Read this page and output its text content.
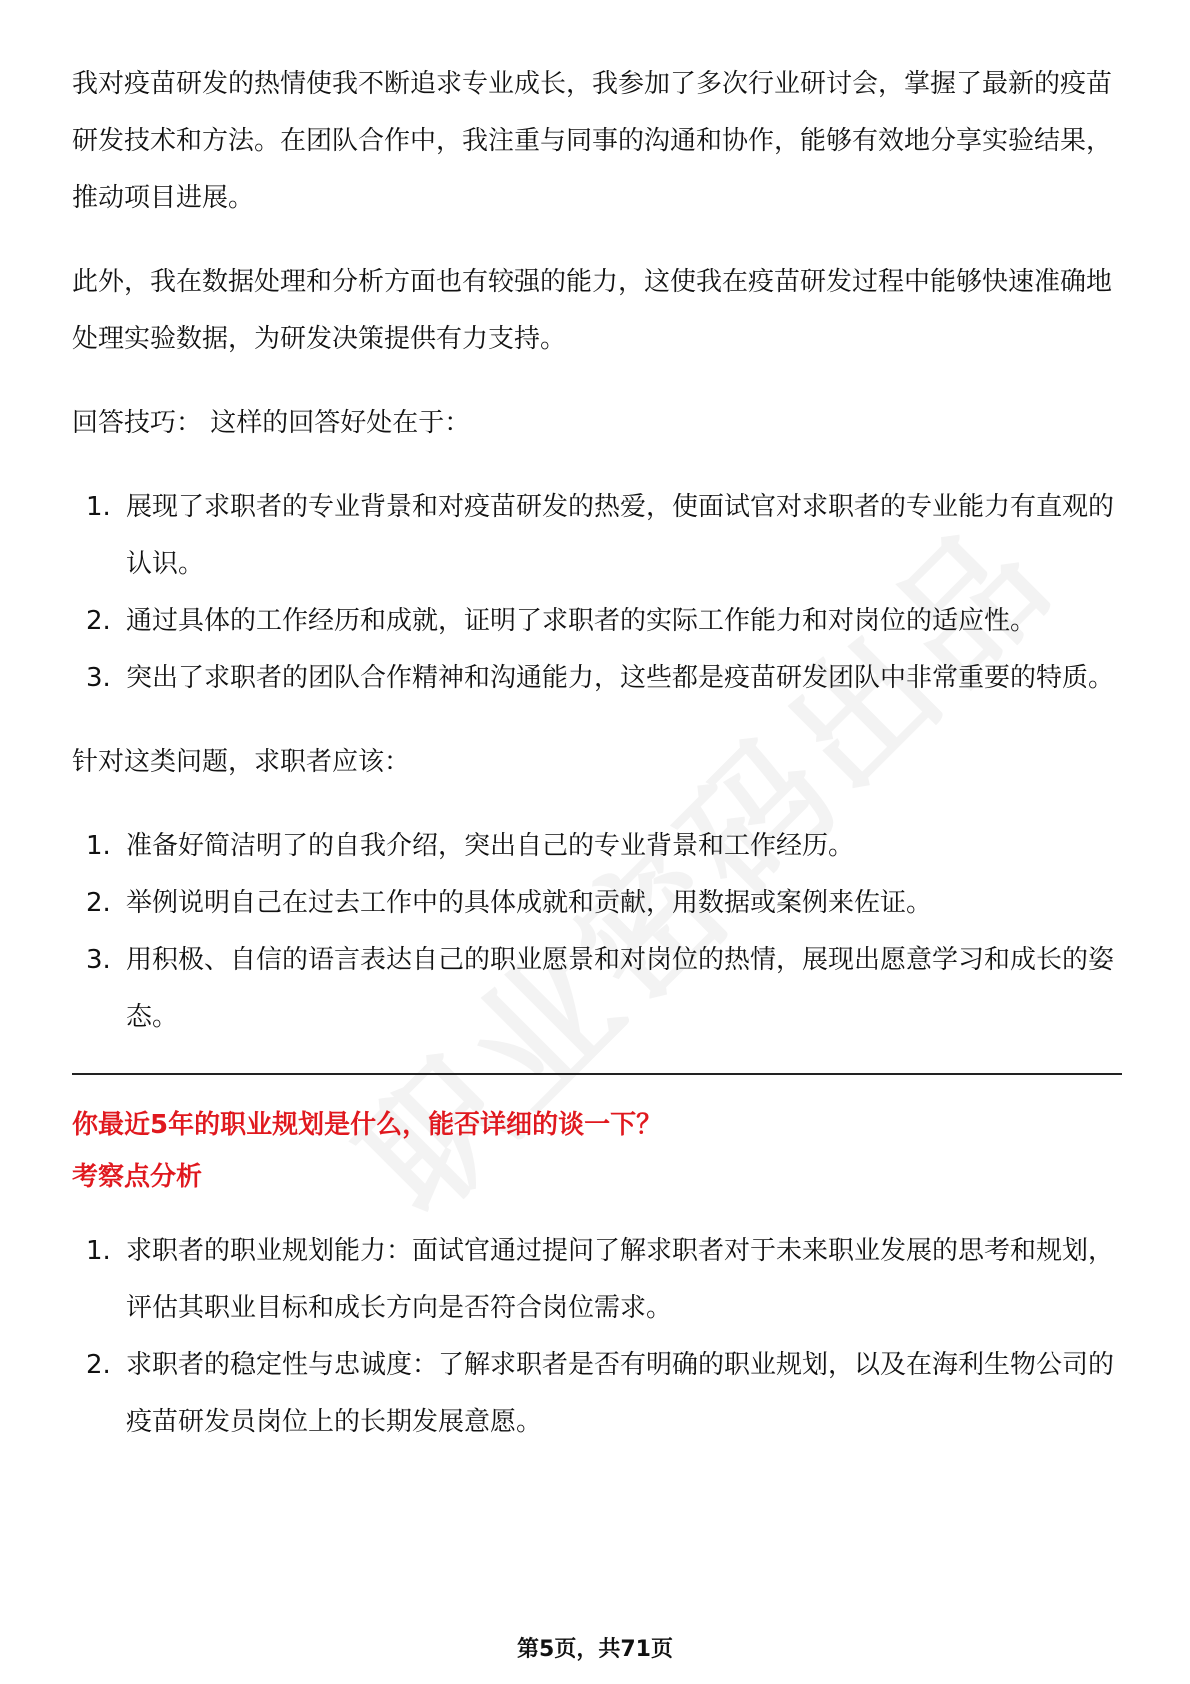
我对疫苗研发的热情使我不断追求专业成长，我参加了多次行业研讨会，掌握了最新的疫苗研发技术和方法。在团队合作中，我注重与同事的沟通和协作，能够有效地分享实验结果，推动项目进展。

此外，我在数据处理和分析方面也有较强的能力，这使我在疫苗研发过程中能够快速准确地处理实验数据，为研发决策提供有力支持。

回答技巧： 这样的回答好处在于：

1. 展现了求职者的专业背景和对疫苗研发的热爱，使面试官对求职者的专业能力有直观的认识。
2. 通过具体的工作经历和成就，证明了求职者的实际工作能力和对岗位的适应性。
3. 突出了求职者的团队合作精神和沟通能力，这些都是疫苗研发团队中非常重要的特质。

针对这类问题，求职者应该：

1. 准备好简洁明了的自我介绍，突出自己的专业背景和工作经历。
2. 举例说明自己在过去工作中的具体成就和贡献，用数据或案例来佐证。
3. 用积极、自信的语言表达自己的职业愿景和对岗位的热情，展现出愿意学习和成长的姿态。

你最近5年的职业规划是什么，能否详细的谈一下？

考察点分析

1. 求职者的职业规划能力：面试官通过提问了解求职者对于未来职业发展的思考和规划，评估其职业目标和成长方向是否符合岗位需求。
2. 求职者的稳定性与忠诚度：了解求职者是否有明确的职业规划，以及在海利生物公司的疫苗研发员岗位上的长期发展意愿。
第5页，共71页
